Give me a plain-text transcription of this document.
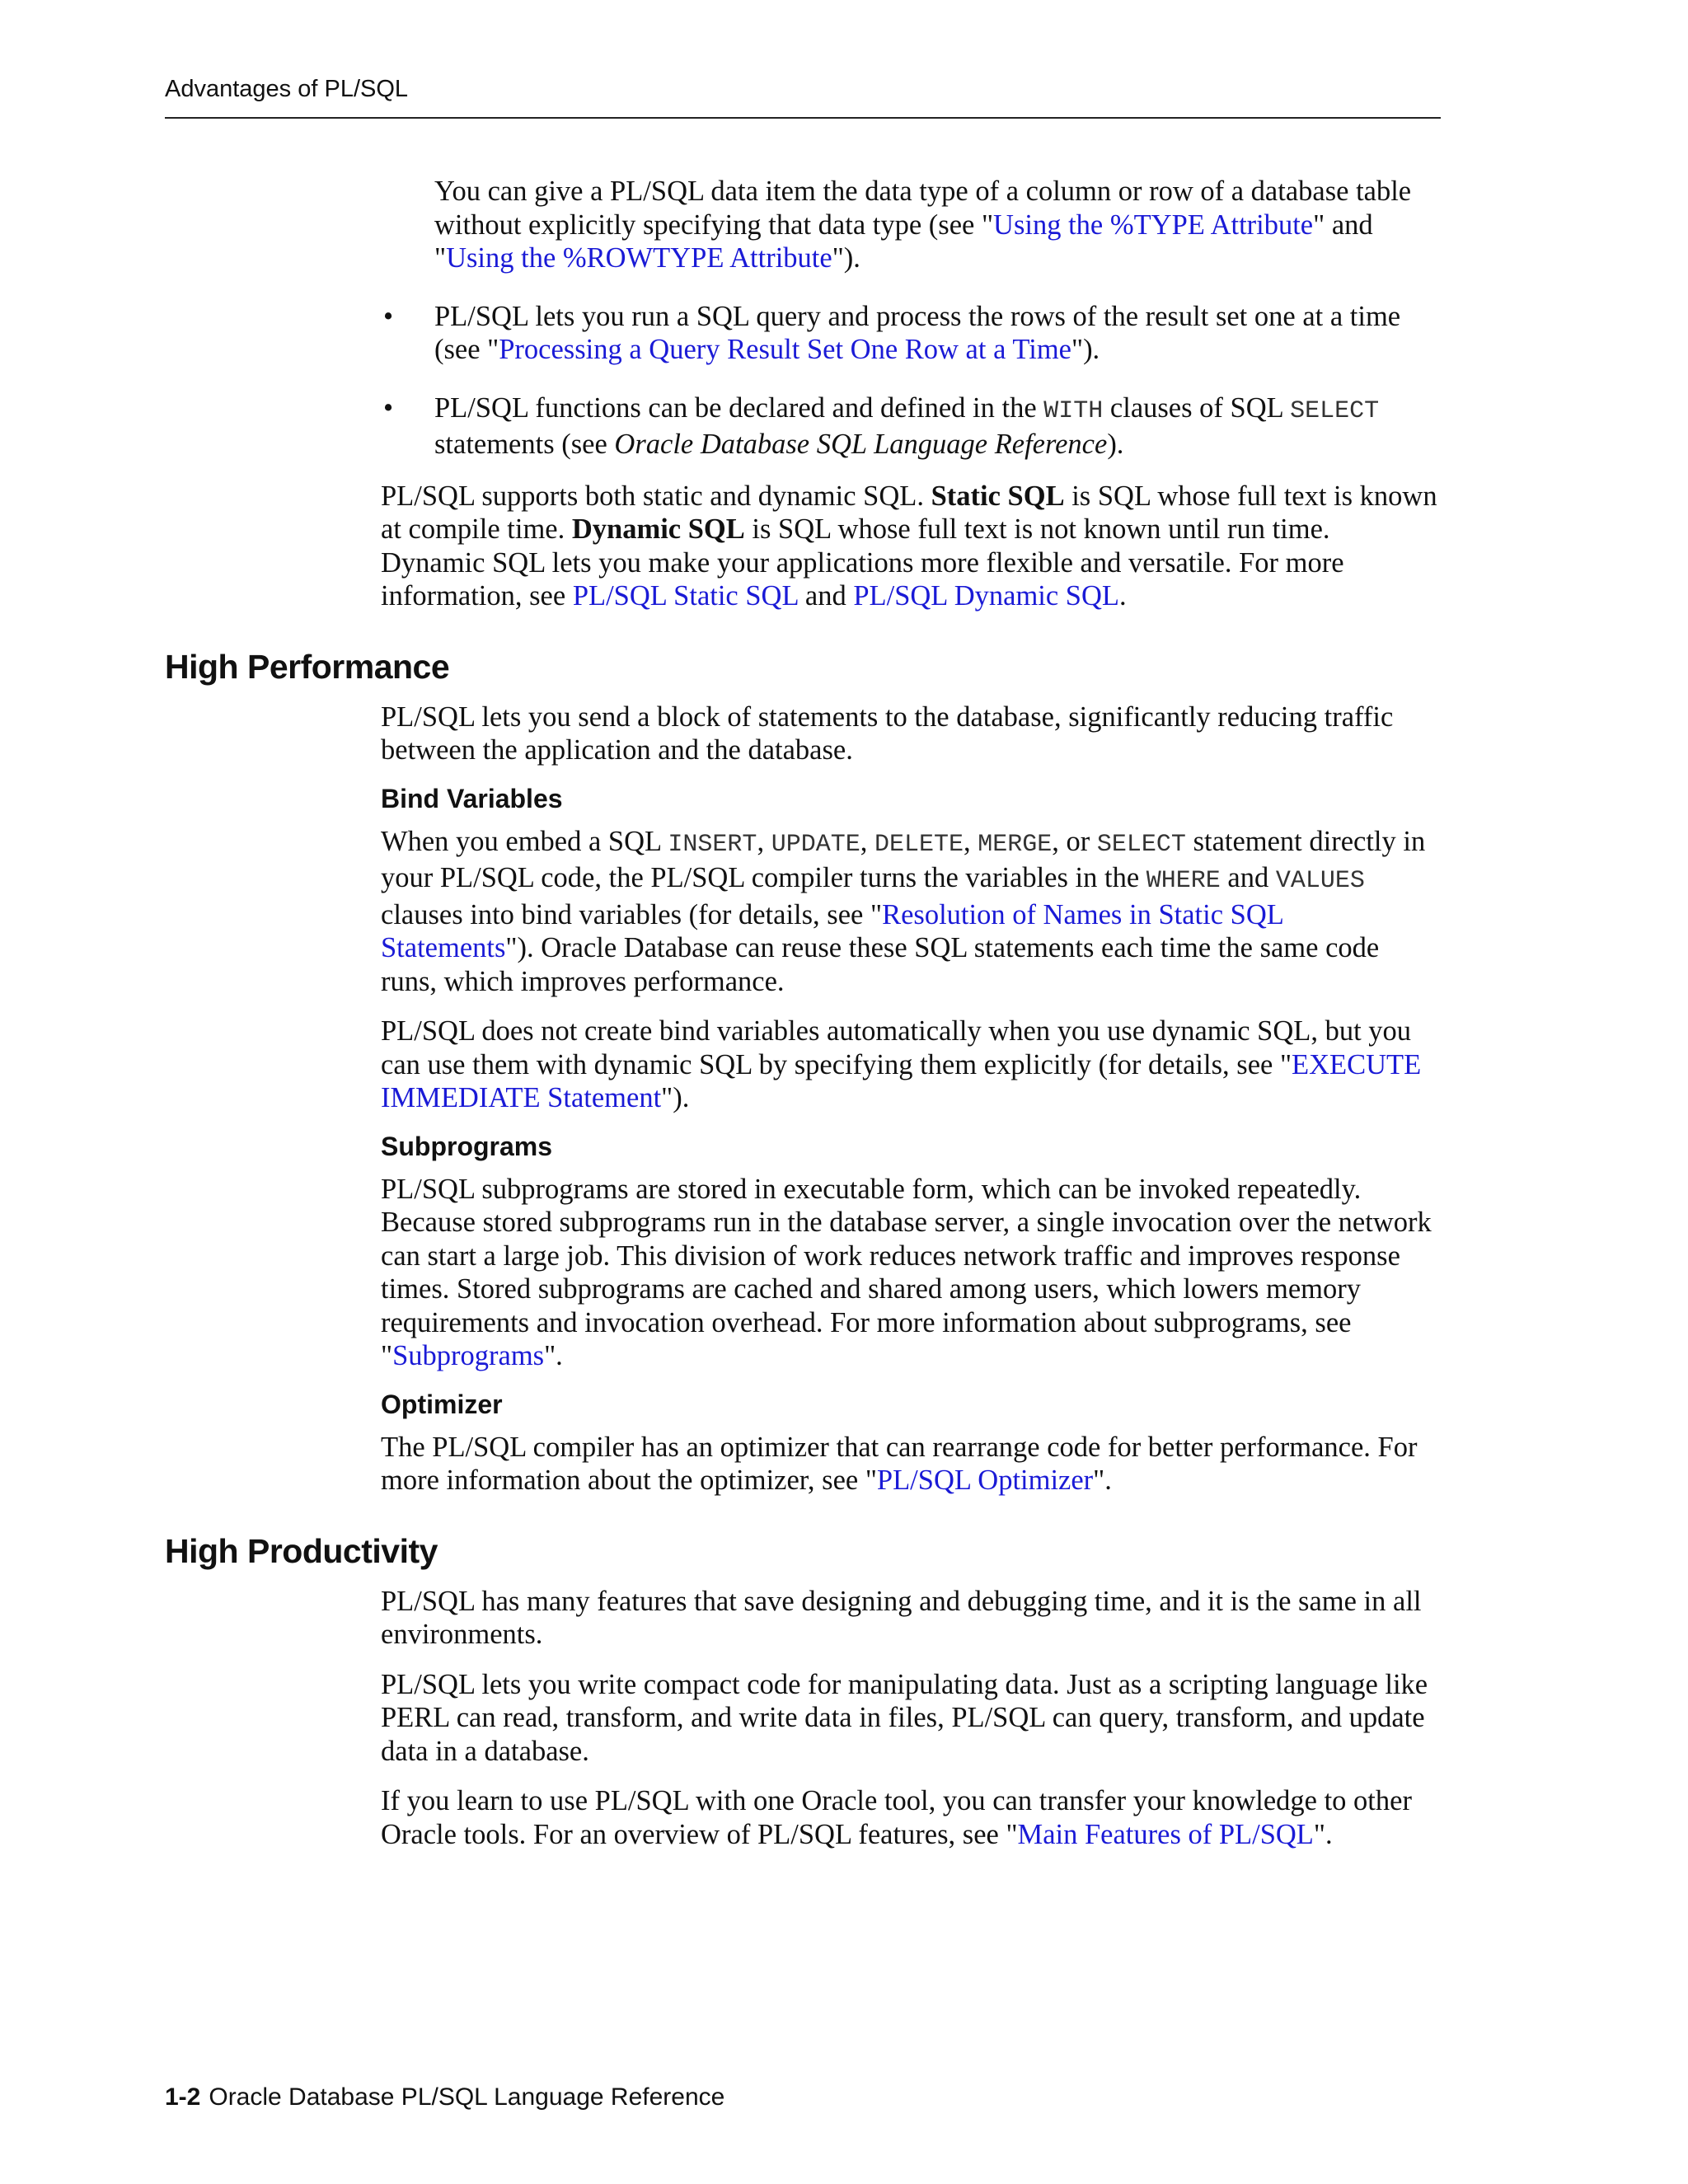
Advantages of PL/SQL

You can give a PL/SQL data item the data type of a column or row of a database table without explicitly specifying that data type (see "Using the %TYPE Attribute" and "Using the %ROWTYPE Attribute").

•	PL/SQL lets you run a SQL query and process the rows of the result set one at a time (see "Processing a Query Result Set One Row at a Time").

•	PL/SQL functions can be declared and defined in the WITH clauses of SQL SELECT statements (see Oracle Database SQL Language Reference).

PL/SQL supports both static and dynamic SQL. Static SQL is SQL whose full text is known at compile time. Dynamic SQL is SQL whose full text is not known until run time. Dynamic SQL lets you make your applications more flexible and versatile. For more information, see PL/SQL Static SQL and PL/SQL Dynamic SQL.

High Performance

PL/SQL lets you send a block of statements to the database, significantly reducing traffic between the application and the database.

Bind Variables

When you embed a SQL INSERT, UPDATE, DELETE, MERGE, or SELECT statement directly in your PL/SQL code, the PL/SQL compiler turns the variables in the WHERE and VALUES clauses into bind variables (for details, see "Resolution of Names in Static SQL Statements"). Oracle Database can reuse these SQL statements each time the same code runs, which improves performance.

PL/SQL does not create bind variables automatically when you use dynamic SQL, but you can use them with dynamic SQL by specifying them explicitly (for details, see "EXECUTE IMMEDIATE Statement").

Subprograms

PL/SQL subprograms are stored in executable form, which can be invoked repeatedly. Because stored subprograms run in the database server, a single invocation over the network can start a large job. This division of work reduces network traffic and improves response times. Stored subprograms are cached and shared among users, which lowers memory requirements and invocation overhead. For more information about subprograms, see "Subprograms".

Optimizer

The PL/SQL compiler has an optimizer that can rearrange code for better performance. For more information about the optimizer, see "PL/SQL Optimizer".

High Productivity

PL/SQL has many features that save designing and debugging time, and it is the same in all environments.

PL/SQL lets you write compact code for manipulating data. Just as a scripting language like PERL can read, transform, and write data in files, PL/SQL can query, transform, and update data in a database.

If you learn to use PL/SQL with one Oracle tool, you can transfer your knowledge to other Oracle tools. For an overview of PL/SQL features, see "Main Features of PL/SQL".

1-2 Oracle Database PL/SQL Language Reference
